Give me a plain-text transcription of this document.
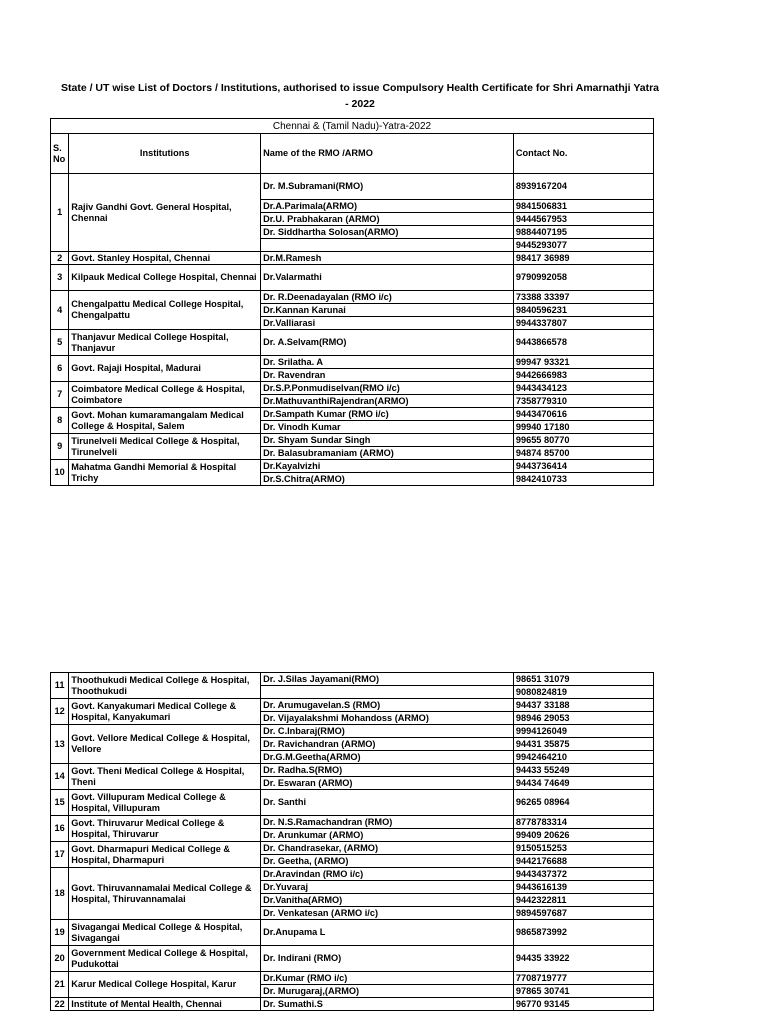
State / UT wise List of Doctors / Institutions, authorised to issue Compulsory Health Certificate for Shri Amarnathji Yatra - 2022
Chennai & (Tamil Nadu)-Yatra-2022			
S. No	Institutions	Name of the RMO /ARMO	Contact No.
1	Rajiv Gandhi Govt. General Hospital, Chennai	Dr. M.Subramani(RMO)	8939167204
		Dr.A.Parimala(ARMO)	9841506831
		Dr.U. Prabhakaran (ARMO)	9444567953
		Dr. Siddhartha Solosan(ARMO)	9884407195
			9445293077
2	Govt. Stanley Hospital, Chennai	Dr.M.Ramesh	98417 36989
3	Kilpauk Medical College Hospital, Chennai	Dr.Valarmathi	9790992058
4	Chengalpattu Medical College Hospital, Chengalpattu	Dr. R.Deenadayalan (RMO i/c)	73388 33397
		Dr.Kannan Karunai	9840596231
		Dr.Valliarasi	9944337807
5	Thanjavur Medical College Hospital, Thanjavur	Dr. A.Selvam(RMO)	9443866578
6	Govt. Rajaji Hospital, Madurai	Dr. Srilatha. A	99947 93321
		Dr. Ravendran	9442666983
7	Coimbatore Medical College & Hospital, Coimbatore	Dr.S.P.Ponmudiselvan(RMO i/c)	9443434123
		Dr.MathuvanthiRajendran(ARMO)	7358779310
8	Govt. Mohan kumaramangalam Medical College & Hospital, Salem	Dr.Sampath Kumar (RMO i/c)	9443470616
		Dr. Vinodh Kumar	99940 17180
9	Tirunelveli Medical College & Hospital, Tirunelveli	Dr. Shyam Sundar Singh	99655 80770
		Dr. Balasubramaniam (ARMO)	94874 85700
10	Mahatma Gandhi Memorial & Hospital Trichy	Dr.Kayalvizhi	9443736414
		Dr.S.Chitra(ARMO)	9842410733
11	Thoothukudi Medical College & Hospital, Thoothukudi	Dr. J.Silas Jayamani(RMO)	98651 31079
			9080824819
12	Govt. Kanyakumari Medical College & Hospital, Kanyakumari	Dr. Arumugavelan.S (RMO)	94437 33188
		Dr. Vijayalakshmi Mohandoss (ARMO)	98946 29053
13	Govt. Vellore Medical College & Hospital, Vellore	Dr. C.Inbaraj(RMO)	9994126049
		Dr. Ravichandran (ARMO)	94431 35875
		Dr.G.M.Geetha(ARMO)	9942464210
14	Govt. Theni Medical College & Hospital, Theni	Dr. Radha.S(RMO)	94433 55249
		Dr. Eswaran (ARMO)	94434 74649
15	Govt. Villupuram Medical College & Hospital, Villupuram	Dr. Santhi	96265 08964
16	Govt. Thiruvarur Medical College & Hospital, Thiruvarur	Dr. N.S.Ramachandran (RMO)	8778783314
		Dr. Arunkumar (ARMO)	99409 20626
17	Govt. Dharmapuri Medical College & Hospital, Dharmapuri	Dr. Chandrasekar, (ARMO)	9150515253
		Dr. Geetha, (ARMO)	9442176688
18	Govt. Thiruvannamalai Medical College & Hospital, Thiruvannamalai	Dr.Aravindan (RMO i/c)	9443437372
		Dr.Yuvaraj	9443616139
		Dr.Vanitha(ARMO)	9442322811
		Dr. Venkatesan (ARMO i/c)	9894597687
19	Sivagangai Medical College & Hospital, Sivagangai	Dr.Anupama L	9865873992
20	Government Medical College & Hospital, Pudukottai	Dr. Indirani (RMO)	94435 33922
21	Karur Medical College Hospital, Karur	Dr.Kumar (RMO i/c)	7708719777
		Dr. Murugaraj,(ARMO)	97865 30741
22	Institute of Mental Health, Chennai	Dr. Sumathi.S	96770 93145
